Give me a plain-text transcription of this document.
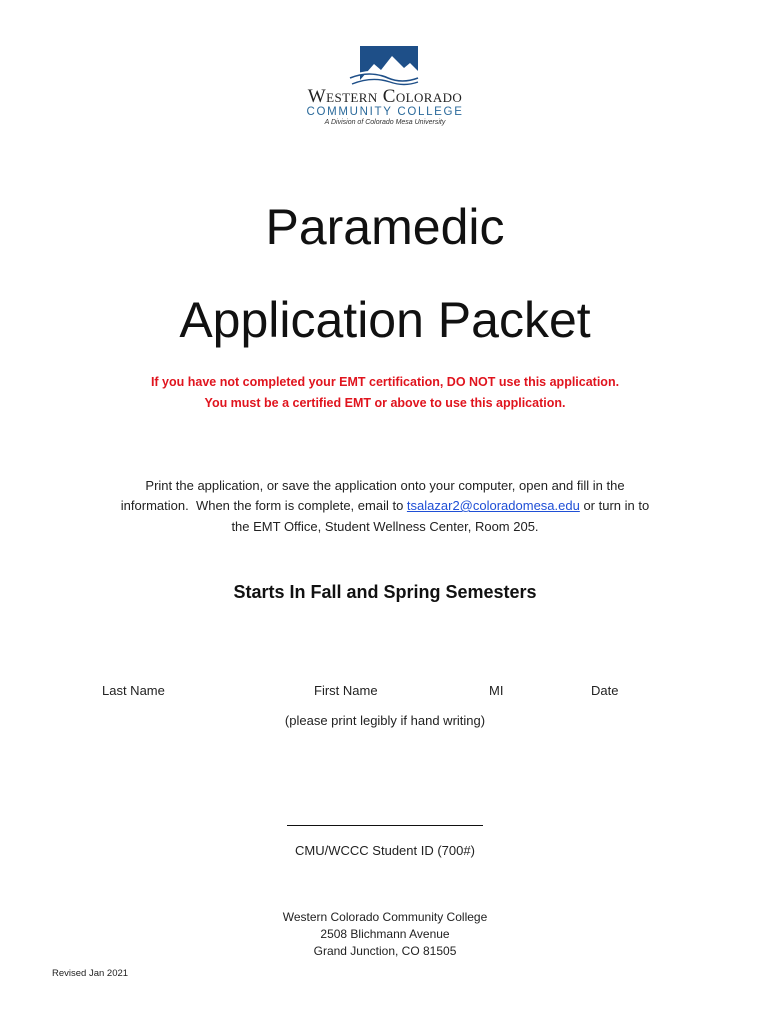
Western Colorado
COMMUNITY COLLEGE
A Division of Colorado Mesa University
Paramedic
Application Packet
If you have not completed your EMT certification, DO NOT use this application.
You must be a certified EMT or above to use this application.
Print the application, or save the application onto your computer, open and fill in the
information.  When the form is complete, email to tsalazar2@coloradomesa.edu or turn in to
the EMT Office, Student Wellness Center, Room 205.
Starts In Fall and Spring Semesters
Last Name	First Name	MI	Date
(please print legibly if hand writing)
CMU/WCCC Student ID (700#)
Western Colorado Community College
2508 Blichmann Avenue
Grand Junction, CO 81505
Revised Jan 2021
